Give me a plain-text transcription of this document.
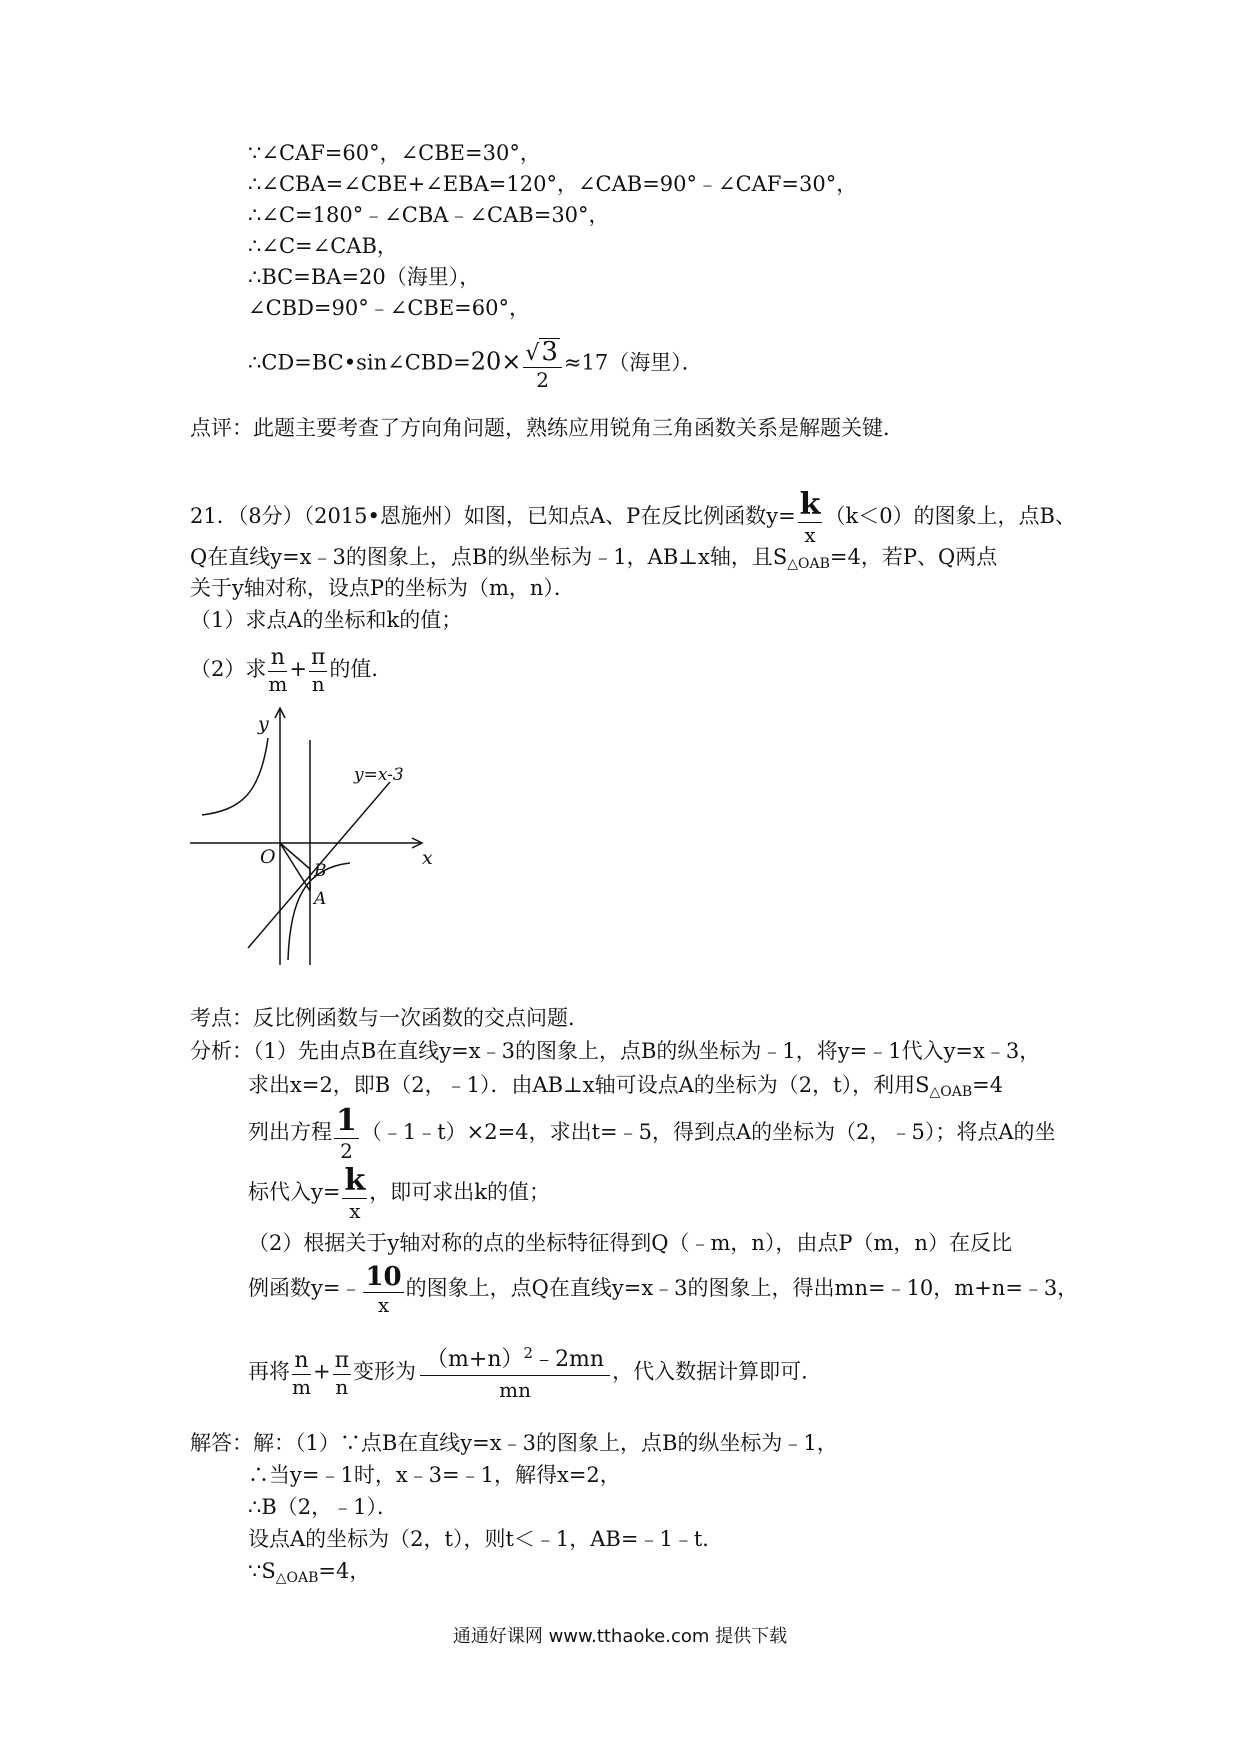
∵∠CAF=60°，∠CBE=30°，
∴∠CBA=∠CBE+∠EBA=120°，∠CAB=90°﹣∠CAF=30°，
∴∠C=180°﹣∠CBA﹣∠CAB=30°，
∴∠C=∠CAB，
∴BC=BA=20（海里），
∠CBD=90°﹣∠CBE=60°，
∴CD=BC•sin∠CBD=20× $\frac{√3}{2} \approx 17$（海里）．
点评：此题主要考查了方向角问题，熟练应用锐角三角函数关系是解题关键．
21．（8分）（2015•恩施州）如图，已知点A、P在反比例函数$y= \frac{k}{x} (k<0)$的图象上，点B、
Q在直线y=x﹣3的图象上，点B的纵坐标为﹣1，AB⊥x轴，且$S_{\triangle OAB}=4$，若P、Q两点
关于y轴对称，设点P的坐标为（m，n）．
（1）求点A的坐标和k的值；
（2）求 $\frac{n}{m} + \frac{\pi}{n}$ 的值．
y
x
O
y=x-3
B
A
考点：反比例函数与一次函数的交点问题．
分析：（1）先由点B在直线y=x﹣3的图象上，点B的纵坐标为﹣1，将y=﹣1代入y=x﹣3，
求出x=2，即B（2，﹣1）．由AB⊥x轴可设点A的坐标为（2，t），利用$S_{\triangle OAB}=4$
列出方程 $\frac{1}{2}$ （﹣1﹣t）×2=4，求出t=﹣5，得到点A的坐标为（2，﹣5）；将点A的坐
标代入$y= \frac{k}{x}$ ，即可求出k的值；
（2）根据关于y轴对称的点的坐标特征得到Q（﹣m，n），由点P（m，n）在反比
例函数y=﹣ $\frac{10}{x}$ 的图象上，点Q在直线y=x﹣3的图象上，得出mn=﹣10，m+n=﹣3，
再将 $\frac{n}{m} + \frac{\pi}{n}$ 变形为 $\frac{(m+n)^2﹣2mn}{mn}$ ，代入数据计算即可．
解答：解：（1）∵点B在直线y=x﹣3的图象上，点B的纵坐标为﹣1，
∴当y=﹣1时，x﹣3=﹣1，解得x=2，
∴B（2，﹣1）．
设点A的坐标为（2，t），则t＜﹣1，AB=﹣1﹣t．
$\because S_{\triangle OAB}=4$，
通通好课网 www.tthaoke.com 提供下载
